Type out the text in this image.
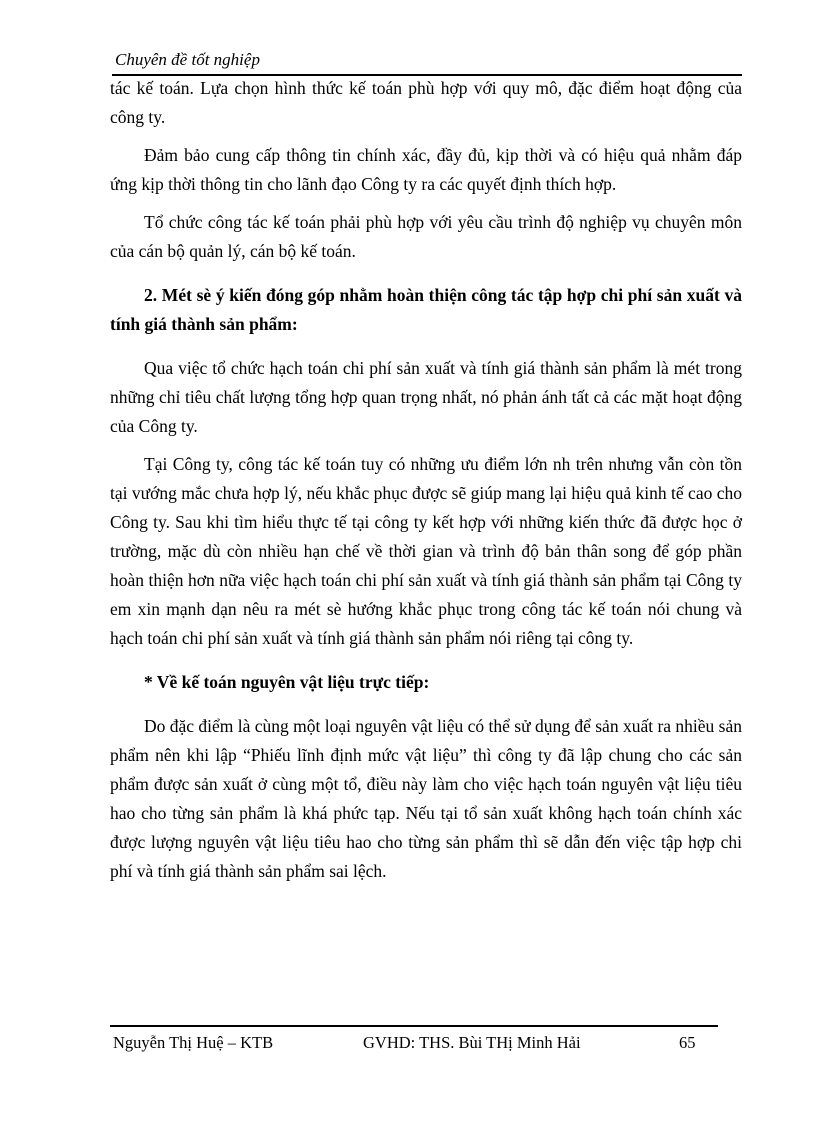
Chuyên đề tốt nghiệp

tác kế toán. Lựa chọn hình thức kế toán phù hợp với quy mô, đặc điểm hoạt động của công ty.

Đảm bảo cung cấp thông tin chính xác, đầy đủ, kịp thời và có hiệu quả nhằm đáp ứng kịp thời thông tin cho lãnh đạo Công ty ra các quyết định thích hợp.

Tổ chức công tác kế toán phải phù hợp với yêu cầu trình độ nghiệp vụ chuyên môn của cán bộ quản lý, cán bộ kế toán.

2. Mét sè ý kiến đóng góp nhằm hoàn thiện công tác tập hợp chi phí sản xuất và tính giá thành sản phẩm:

Qua việc tổ chức hạch toán chi phí sản xuất và tính giá thành sản phẩm là mét trong những chỉ tiêu chất lượng tổng hợp quan trọng nhất, nó phản ánh tất cả các mặt hoạt động của Công ty.

Tại Công ty, công tác kế toán tuy có những ưu điểm lớn nh trên nhưng vẫn còn tồn tại vướng mắc chưa hợp lý, nếu khắc phục được sẽ giúp mang lại hiệu quả kinh tế cao cho Công ty. Sau khi tìm hiểu thực tế tại công ty kết hợp với những kiến thức đã được học ở trường, mặc dù còn nhiều hạn chế về thời gian và trình độ bản thân song để góp phần hoàn thiện hơn nữa việc hạch toán chi phí sản xuất và tính giá thành sản phẩm tại Công ty em xin mạnh dạn nêu ra mét sè hướng khắc phục trong công tác kế toán nói chung và hạch toán chi phí sản xuất và tính giá thành sản phẩm nói riêng tại công ty.

* Về kế toán nguyên vật liệu trực tiếp:

Do đặc điểm là cùng một loại nguyên vật liệu có thể sử dụng để sản xuất ra nhiều sản phẩm nên khi lập “Phiếu lĩnh định mức vật liệu” thì công ty đã lập chung cho các sản phẩm được sản xuất ở cùng một tổ, điều này làm cho việc hạch toán nguyên vật liệu tiêu hao cho từng sản phẩm là khá phức tạp. Nếu tại tổ sản xuất không hạch toán chính xác được lượng nguyên vật liệu tiêu hao cho từng sản phẩm thì sẽ dẫn đến việc tập hợp chi phí và tính giá thành sản phẩm sai lệch.

Nguyễn Thị Huệ – KTB	GVHD: THS. Bùi THị Minh Hải	65
